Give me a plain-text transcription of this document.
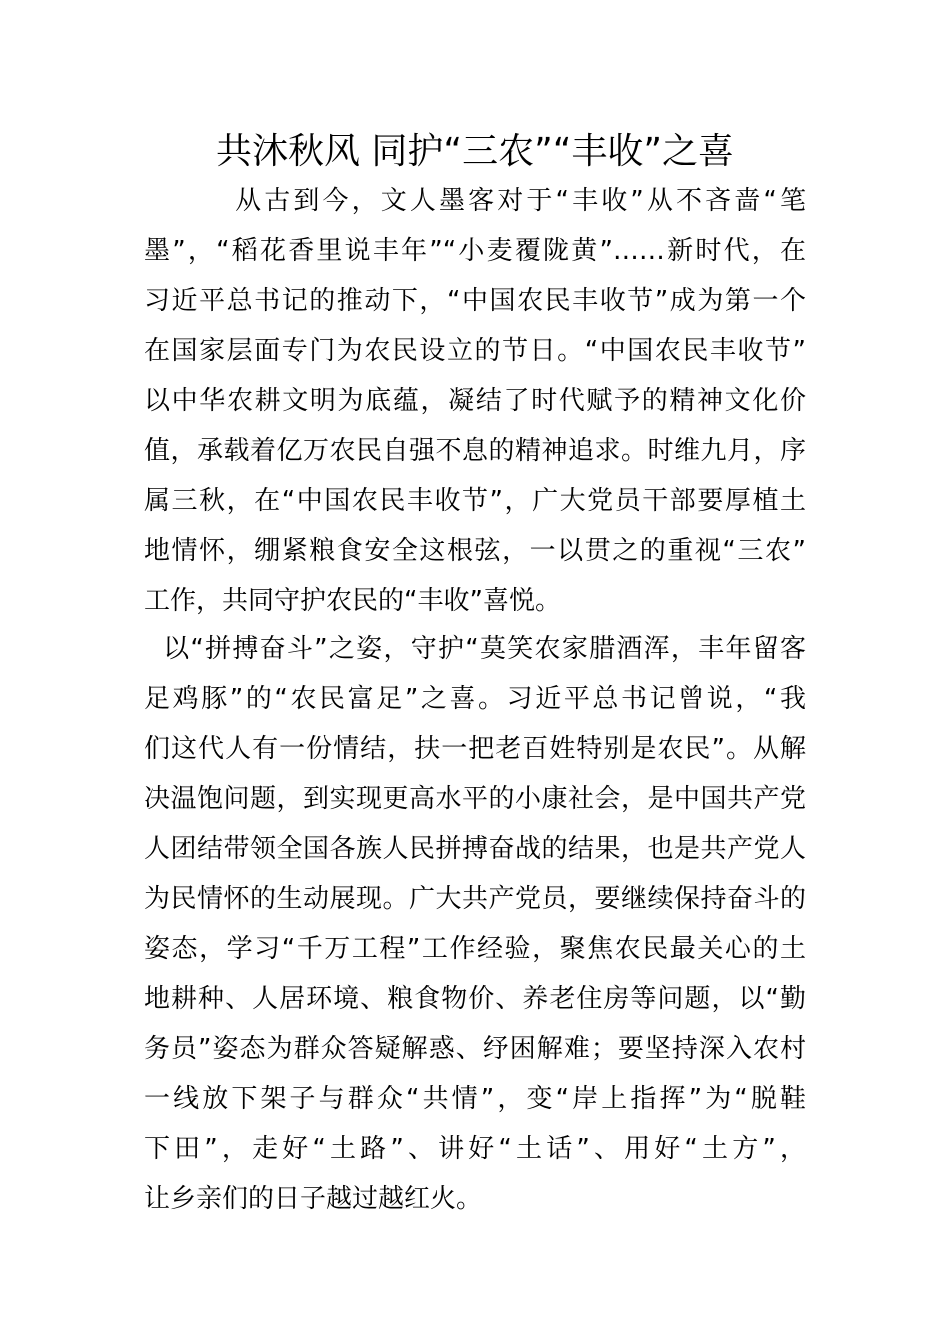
共沐秋风 同护“三农”“丰收”之喜
从古到今，文人墨客对于“丰收”从不吝啬“笔
墨”，“稻花香里说丰年”“小麦覆陇黄”……新时代，在
习近平总书记的推动下，“中国农民丰收节”成为第一个
在国家层面专门为农民设立的节日。“中国农民丰收节”
以中华农耕文明为底蕴，凝结了时代赋予的精神文化价
值，承载着亿万农民自强不息的精神追求。时维九月，序
属三秋，在“中国农民丰收节”，广大党员干部要厚植土
地情怀，绷紧粮食安全这根弦，一以贯之的重视“三农”
工作，共同守护农民的“丰收”喜悦。
以“拼搏奋斗”之姿，守护“莫笑农家腊酒浑，丰年留客
足鸡豚”的“农民富足”之喜。习近平总书记曾说，“我
们这代人有一份情结，扶一把老百姓特别是农民”。从解
决温饱问题，到实现更高水平的小康社会，是中国共产党
人团结带领全国各族人民拼搏奋战的结果，也是共产党人
为民情怀的生动展现。广大共产党员，要继续保持奋斗的
姿态，学习“千万工程”工作经验，聚焦农民最关心的土
地耕种、人居环境、粮食物价、养老住房等问题，以“勤
务员”姿态为群众答疑解惑、纾困解难；要坚持深入农村
一线放下架子与群众“共情”，变“岸上指挥”为“脱鞋
下田”，走好“土路”、讲好“土话”、用好“土方”，
让乡亲们的日子越过越红火。
